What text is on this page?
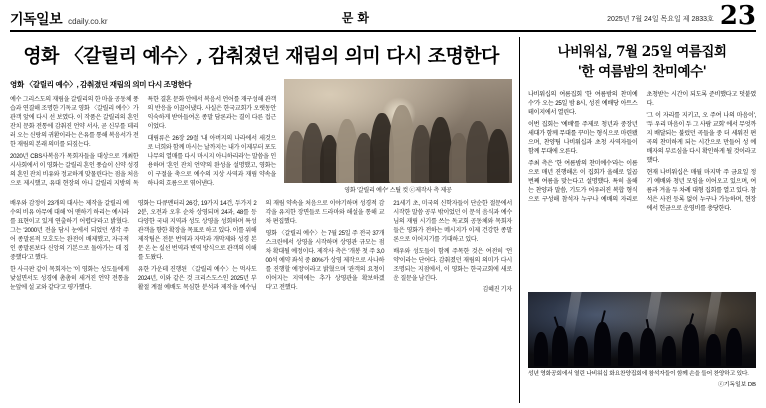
기독일보 cdaily.co.kr	문화	2025년 7월 24일 목요일 제 2833호 23
영화 〈갈릴리 예수〉, 감춰졌던 재림의 의미 다시 조명한다
영화 '갈릴리 예수' 스틸 컷 ⓒ제작사 측 제공
영화 〈갈릴리 예수〉, 감춰졌던 재림의 의미 다시 조명한다

예수 그리스도의 재림을 갈릴리의 한 마을 공동체 풍습과 연결해 조명한 기독교 영화 〈갈릴리 예수〉가 관객 앞에 다시 선 보였다. 이 작품은 갈릴리의 혼인 잔치 문화 전통에 감춰진 언약 서사, 곧 신부를 데리러 오는 신랑의 귀환이라는 은유를 통해 복음서가 전한 재림의 본래 의미를 되짚는다.

2020년 CBS사복음가 목회자들을 대상으로 개최한 시사회에서 이 영화는 갈릴리 혼인 풍습이 신약 성경의 혼인 잔치 비유와 정교하게 맞물린다는 점을 처음으로 제시했고, 유대 현장의 아니 갈릴리 지방의 독특한 결혼 문화 안에서 복음서 언어를 재구성해 관객의 반응을 이끌어냈다. 사실은 한국교회가 오랫동안 익숙하게 받아들여온 종말 담론과는 결이 다른 접근이었다.

대림류은 26장 29절 '내 아버지의 나라에서 새것으로 너희와 함께 마시는 날까지는 내가 이제부터 포도나무의 열매를 다시 마시지 아니하리라'는 말씀을 인용하며 '혼인 잔치 언약'의 완성을 설명했고, 영화는 이 구절을 축으로 예수의 지상 사역과 재림 약속을 하나의 흐름으로 엮어낸다.

배우와 감정이 23개의 대사는 제작을 갈릴리 예수의 비유 아무에 대해 '어 맨하기 하리는 예시라를 표현이고 있게 연출하기 어렵다'라고 밝혔다. 그는 '2000년 전을 담시 눈에서 되었던 생각 주어 종말론적 모호도는 완전이 배제했고, 자극적인 종말론보다 신앙의 기본으로 돌아가는 데 집중했다'고 했다.

한 사극판 같이 목회자는 '이 영화는 성도들에게 낯설면서도 성경에 촘촘히 새겨진 언약 전통을 눈앞에 설 교와 같다'고 평가했다.

영화는 다큐멘터리 26강, 19가지 14건, 두가지 22분, 오전과 오후 순차 상영되며 24과, 48를 등 다양한 국내 지역과 성도 상영을 성회하며 특성 관객을 향한 확장을 목표로 하고 있다. 이를 위해 제작팀은 전문 번역과 자막과 개막제와 성경 본문 온 논 실선 번역과 변역 방식으로 관객의 이해를 도왔다.

유한 가운데 진행된 〈갈릴리 예수〉는 먹사도 2024년, 이와 같은 것 크리스도스인 2025년 부활절 계절 예배도 목심한 분석과 제작을 예수님의 재림 약속을 처음으로 이야기하며 성경적 감각을 유지한 장면들로 드라마와 해설을 통해 교차 편집했다.

영화 〈갈릴리 예수〉는 7월 25일 주 전국 37개 스크린에서 상영을 시작하며 상영관 규모는 점차 확대될 예정이다. 제작사 측은 '개봉 첫 주 3,000석 예약 좌석 중 80%가 상영 제작으로 사나하를 진행할 예정'이라고 밝혔으며 '관객의 요청이 이어지는 지역에는 추가 상영관을 확보하겠다'고 전했다.

21세기 초, 미국의 신학자들이 단순한 절문에서 시작한 말씀 공부 밖이었던 이 문석 음식과 예수님의 재림 시기를 쓰는 독교회 공동체와 목회자들은 영화가 전하는 메시지가 이제 건강한 종말론으로 이어지기를 기대하고 있다.

배우와 성도들이 함께 주목한 것은 여전히 '언약'이라는 단어다. 감춰졌던 재림의 의미가 다시 조명되는 지점에서, 이 영화는 한국교회에 새로운 질문을 남긴다.

김혜진 기자
나비워십, 7월 25일 여름집회
'한 여름밤의 찬미예수'

나비워십의 여름집회 '한 여름밤의 찬미예수'가 오는 25일 밤 8시, 성진 예배당 아트스테이지에서 열린다.

이번 집회는 '예배'를 주제로 청년과 중장년 세대가 함께 무대를 꾸미는 형식으로 마련됐으며, 찬양팀 나비워십과 초청 사역자들이 함께 무대에 오른다.

주최 측은 '한 여름밤의 찬미예수'라는 이름으로 매년 진행해온 이 집회가 올해로 일곱 번째 여름을 맞는다고 설명했다. 특히 올해는 찬양과 말씀, 기도가 어우러진 복합 형식으로 구성해 참석자 누구나 예배의 자리로 초청받는 시간이 되도록 준비했다고 덧붙였다.

'그 이 자리를 지키고, 오 주여 나의 마음이', '두 우리 마음이 두 그 사람 교회' 에서 무엇까지 배달되는 불렀던 곡들을 중 더 세워진 편곡의 찬미하게 되는 시간으로 만들어 성 예배자의 부르심을 다시 확인하게 될 것이라고 했다.

현재 나비워십은 매월 마지막 주 금요일 정기 예배와 청년 모임을 이어오고 있으며, 여름과 겨울 두 차례 대형 집회를 열고 있다. 참석은 사전 등록 없이 누구나 가능하며, 현장에서 헌금으로 운영비를 충당한다.

성년 영화공회에서 열린 나비워십 화요찬양집회에 참석자들이 함께 손을 들어 찬양하고 있다.
ⓒ기독일보 DB
